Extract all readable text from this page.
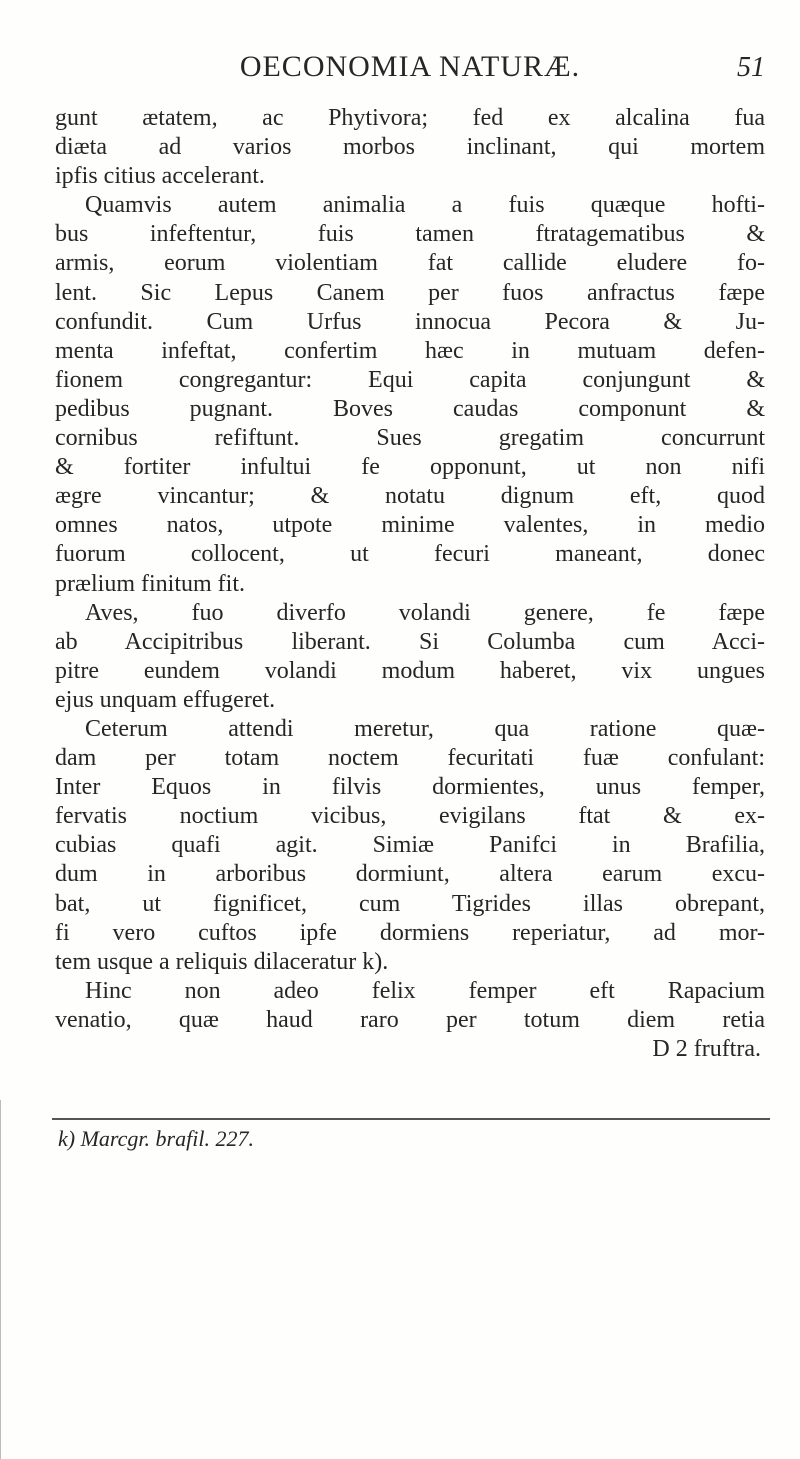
OECONOMIA NATURÆ.	51
gunt ætatem, ac Phytivora; fed ex alcalina fua
diæta ad varios morbos inclinant, qui mortem
ipfis citius accelerant.
Quamvis autem animalia a fuis quæque hofti-
bus infeftentur, fuis tamen ftratagematibus &
armis, eorum violentiam fat callide eludere fo-
lent. Sic Lepus Canem per fuos anfractus fæpe
confundit. Cum Urfus innocua Pecora & Ju-
menta infeftat, confertim hæc in mutuam defen-
fionem congregantur: Equi capita conjungunt &
pedibus pugnant. Boves caudas componunt &
cornibus refiftunt. Sues gregatim concurrunt
& fortiter infultui fe opponunt, ut non nifi
ægre vincantur; & notatu dignum eft, quod
omnes natos, utpote minime valentes, in medio
fuorum collocent, ut fecuri maneant, donec
prælium finitum fit.
Aves, fuo diverfo volandi genere, fe fæpe
ab Accipitribus liberant. Si Columba cum Acci-
pitre eundem volandi modum haberet, vix ungues
ejus unquam effugeret.
Ceterum attendi meretur, qua ratione quæ-
dam per totam noctem fecuritati fuæ confulant:
Inter Equos in filvis dormientes, unus femper,
fervatis noctium vicibus, evigilans ftat & ex-
cubias quafi agit. Simiæ Panifci in Brafilia,
dum in arboribus dormiunt, altera earum excu-
bat, ut fignificet, cum Tigrides illas obrepant,
fi vero cuftos ipfe dormiens reperiatur, ad mor-
tem usque a reliquis dilaceratur k).
Hinc non adeo felix femper eft Rapacium
venatio, quæ haud raro per totum diem retia
D 2 fruftra.
k) Marcgr. brafil. 227.
